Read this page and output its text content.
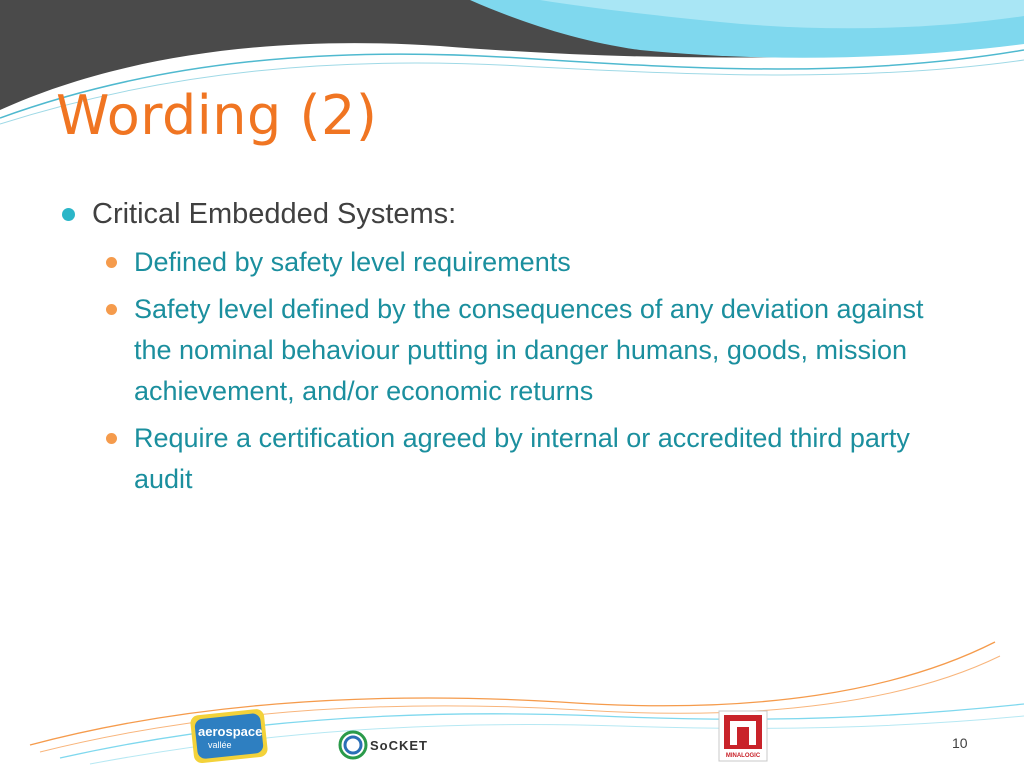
Wording (2)
Critical Embedded Systems:
Defined by safety level requirements
Safety level defined by the consequences of any deviation against the nominal behaviour putting in danger humans, goods, mission achievement, and/or economic returns
Require a certification agreed by internal or accredited third party audit
aerospace
vallée	SoCKET
MINALOGIC
10
